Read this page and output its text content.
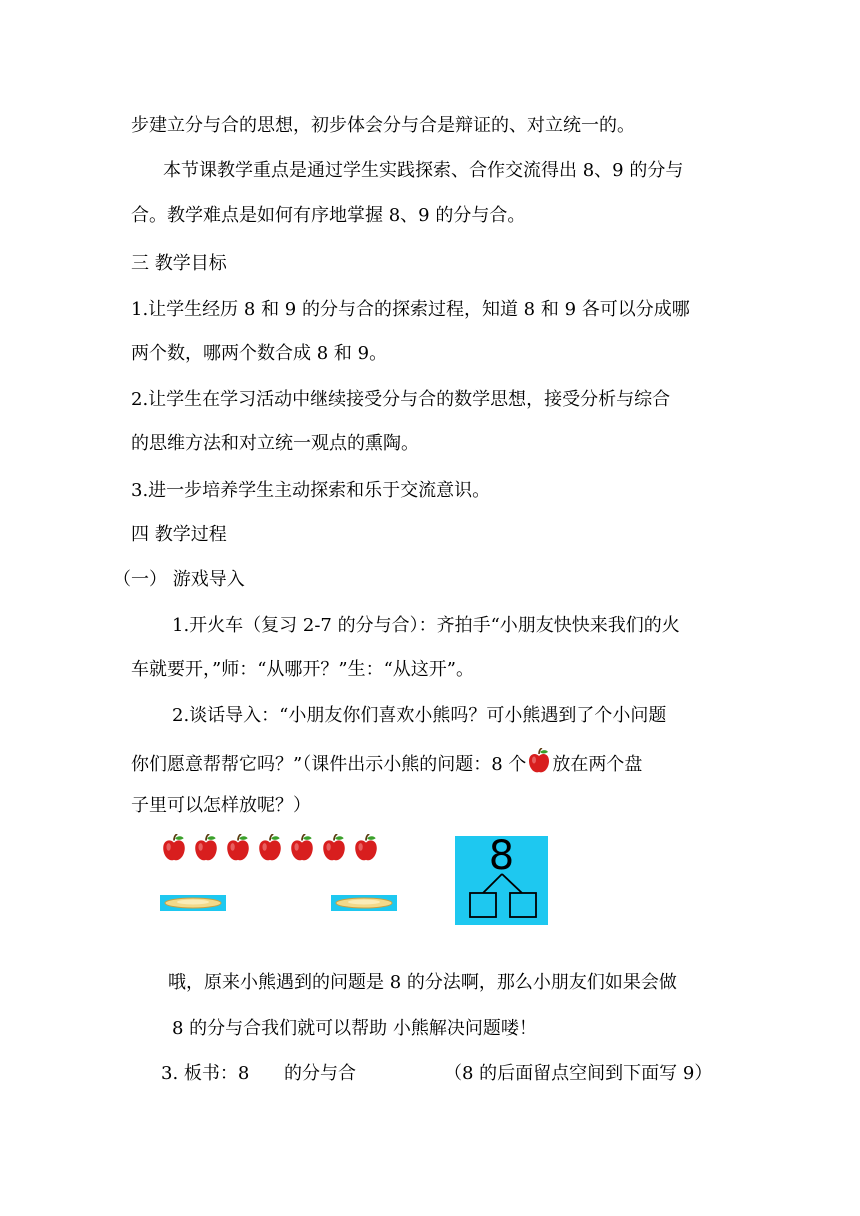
步建立分与合的思想，初步体会分与合是辩证的、对立统一的。
本节课教学重点是通过学生实践探索、合作交流得出 8、9 的分与
合。教学难点是如何有序地掌握 8、9 的分与合。
三 教学目标
1.让学生经历 8 和 9 的分与合的探索过程，知道 8 和 9 各可以分成哪
两个数，哪两个数合成 8 和 9。
2.让学生在学习活动中继续接受分与合的数学思想，接受分析与综合
的思维方法和对立统一观点的熏陶。
3.进一步培养学生主动探索和乐于交流意识。
四 教学过程
（一） 游戏导入
1.开火车（复习 2-7 的分与合）：齐拍手“小朋友快快来我们的火
车就要开，”师：“从哪开？”生：“从这开”。
2.谈话导入：“小朋友你们喜欢小熊吗？可小熊遇到了个小问题
你们愿意帮帮它吗？”（课件出示小熊的问题：8 个 放在两个盘
子里可以怎样放呢？）
8
哦，原来小熊遇到的问题是 8 的分法啊，那么小朋友们如果会做
8 的分与合我们就可以帮助 小熊解决问题喽！
3. 板书：8 的分与合	（8 的后面留点空间到下面写 9）
